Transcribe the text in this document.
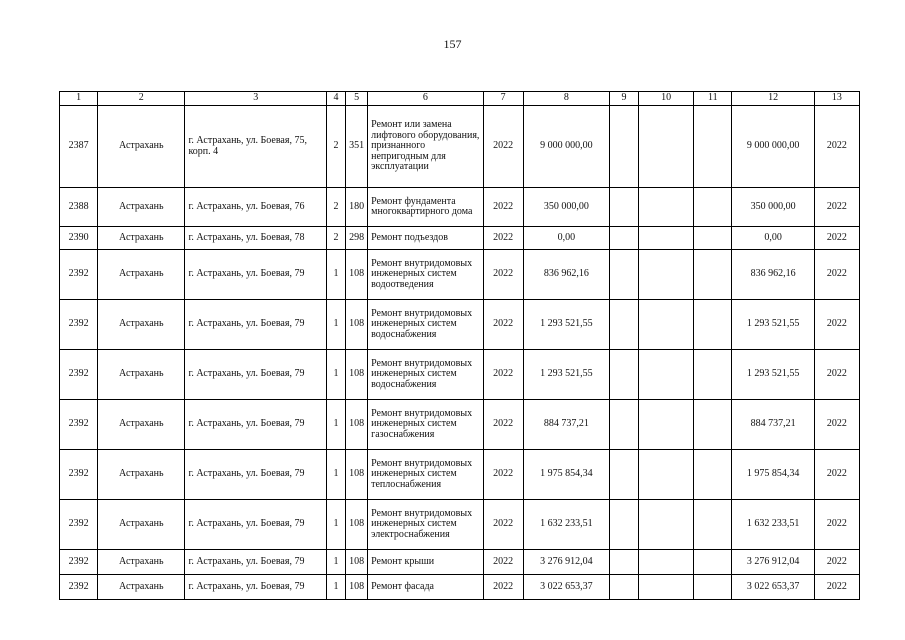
157
1	2	3	4	5	6	7	8	9	10	11	12	13
2387	Астрахань	г. Астрахань, ул. Боевая, 75, корп. 4	2	351	Ремонт или замена лифтового оборудования, признанного непригодным для эксплуатации	2022	9 000 000,00				9 000 000,00	2022
2388	Астрахань	г. Астрахань, ул. Боевая, 76	2	180	Ремонт фундамента многоквартирного дома	2022	350 000,00				350 000,00	2022
2390	Астрахань	г. Астрахань, ул. Боевая, 78	2	298	Ремонт подъездов	2022	0,00				0,00	2022
2392	Астрахань	г. Астрахань, ул. Боевая, 79	1	108	Ремонт внутридомовых инженерных систем водоотведения	2022	836 962,16				836 962,16	2022
2392	Астрахань	г. Астрахань, ул. Боевая, 79	1	108	Ремонт внутридомовых инженерных систем водоснабжения	2022	1 293 521,55				1 293 521,55	2022
2392	Астрахань	г. Астрахань, ул. Боевая, 79	1	108	Ремонт внутридомовых инженерных систем водоснабжения	2022	1 293 521,55				1 293 521,55	2022
2392	Астрахань	г. Астрахань, ул. Боевая, 79	1	108	Ремонт внутридомовых инженерных систем газоснабжения	2022	884 737,21				884 737,21	2022
2392	Астрахань	г. Астрахань, ул. Боевая, 79	1	108	Ремонт внутридомовых инженерных систем теплоснабжения	2022	1 975 854,34				1 975 854,34	2022
2392	Астрахань	г. Астрахань, ул. Боевая, 79	1	108	Ремонт внутридомовых инженерных систем электроснабжения	2022	1 632 233,51				1 632 233,51	2022
2392	Астрахань	г. Астрахань, ул. Боевая, 79	1	108	Ремонт крыши	2022	3 276 912,04				3 276 912,04	2022
2392	Астрахань	г. Астрахань, ул. Боевая, 79	1	108	Ремонт фасада	2022	3 022 653,37				3 022 653,37	2022
